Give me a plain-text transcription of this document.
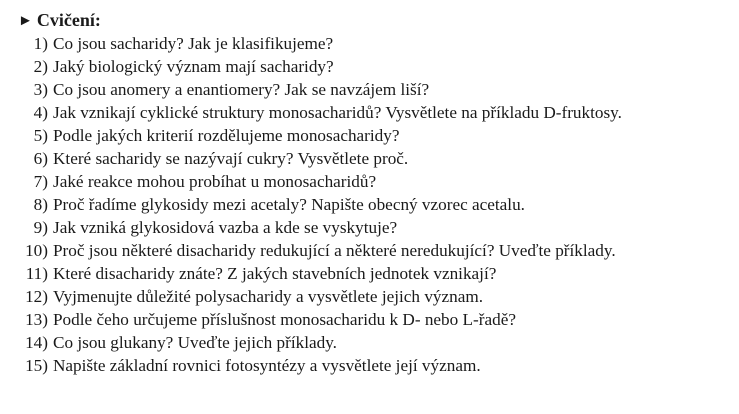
► Cvičení:
1) Co jsou sacharidy? Jak je klasifikujeme?
2) Jaký biologický význam mají sacharidy?
3) Co jsou anomery a enantiomery? Jak se navzájem liší?
4) Jak vznikají cyklické struktury monosacharidů? Vysvětlete na příkladu D-fruktosy.
5) Podle jakých kriterií rozdělujeme monosacharidy?
6) Které sacharidy se nazývají cukry? Vysvětlete proč.
7) Jaké reakce mohou probíhat u monosacharidů?
8) Proč řadíme glykosidy mezi acetaly? Napište obecný vzorec acetalu.
9) Jak vzniká glykosidová vazba a kde se vyskytuje?
10) Proč jsou některé disacharidy redukující a některé neredukující? Uveďte příklady.
11) Které disacharidy znáte? Z jakých stavebních jednotek vznikají?
12) Vyjmenujte důležité polysacharidy a vysvětlete jejich význam.
13) Podle čeho určujeme příslušnost monosacharidu k D- nebo L-řadě?
14) Co jsou glukany? Uveďte jejich příklady.
15) Napište základní rovnici fotosyntézy a vysvětlete její význam.
